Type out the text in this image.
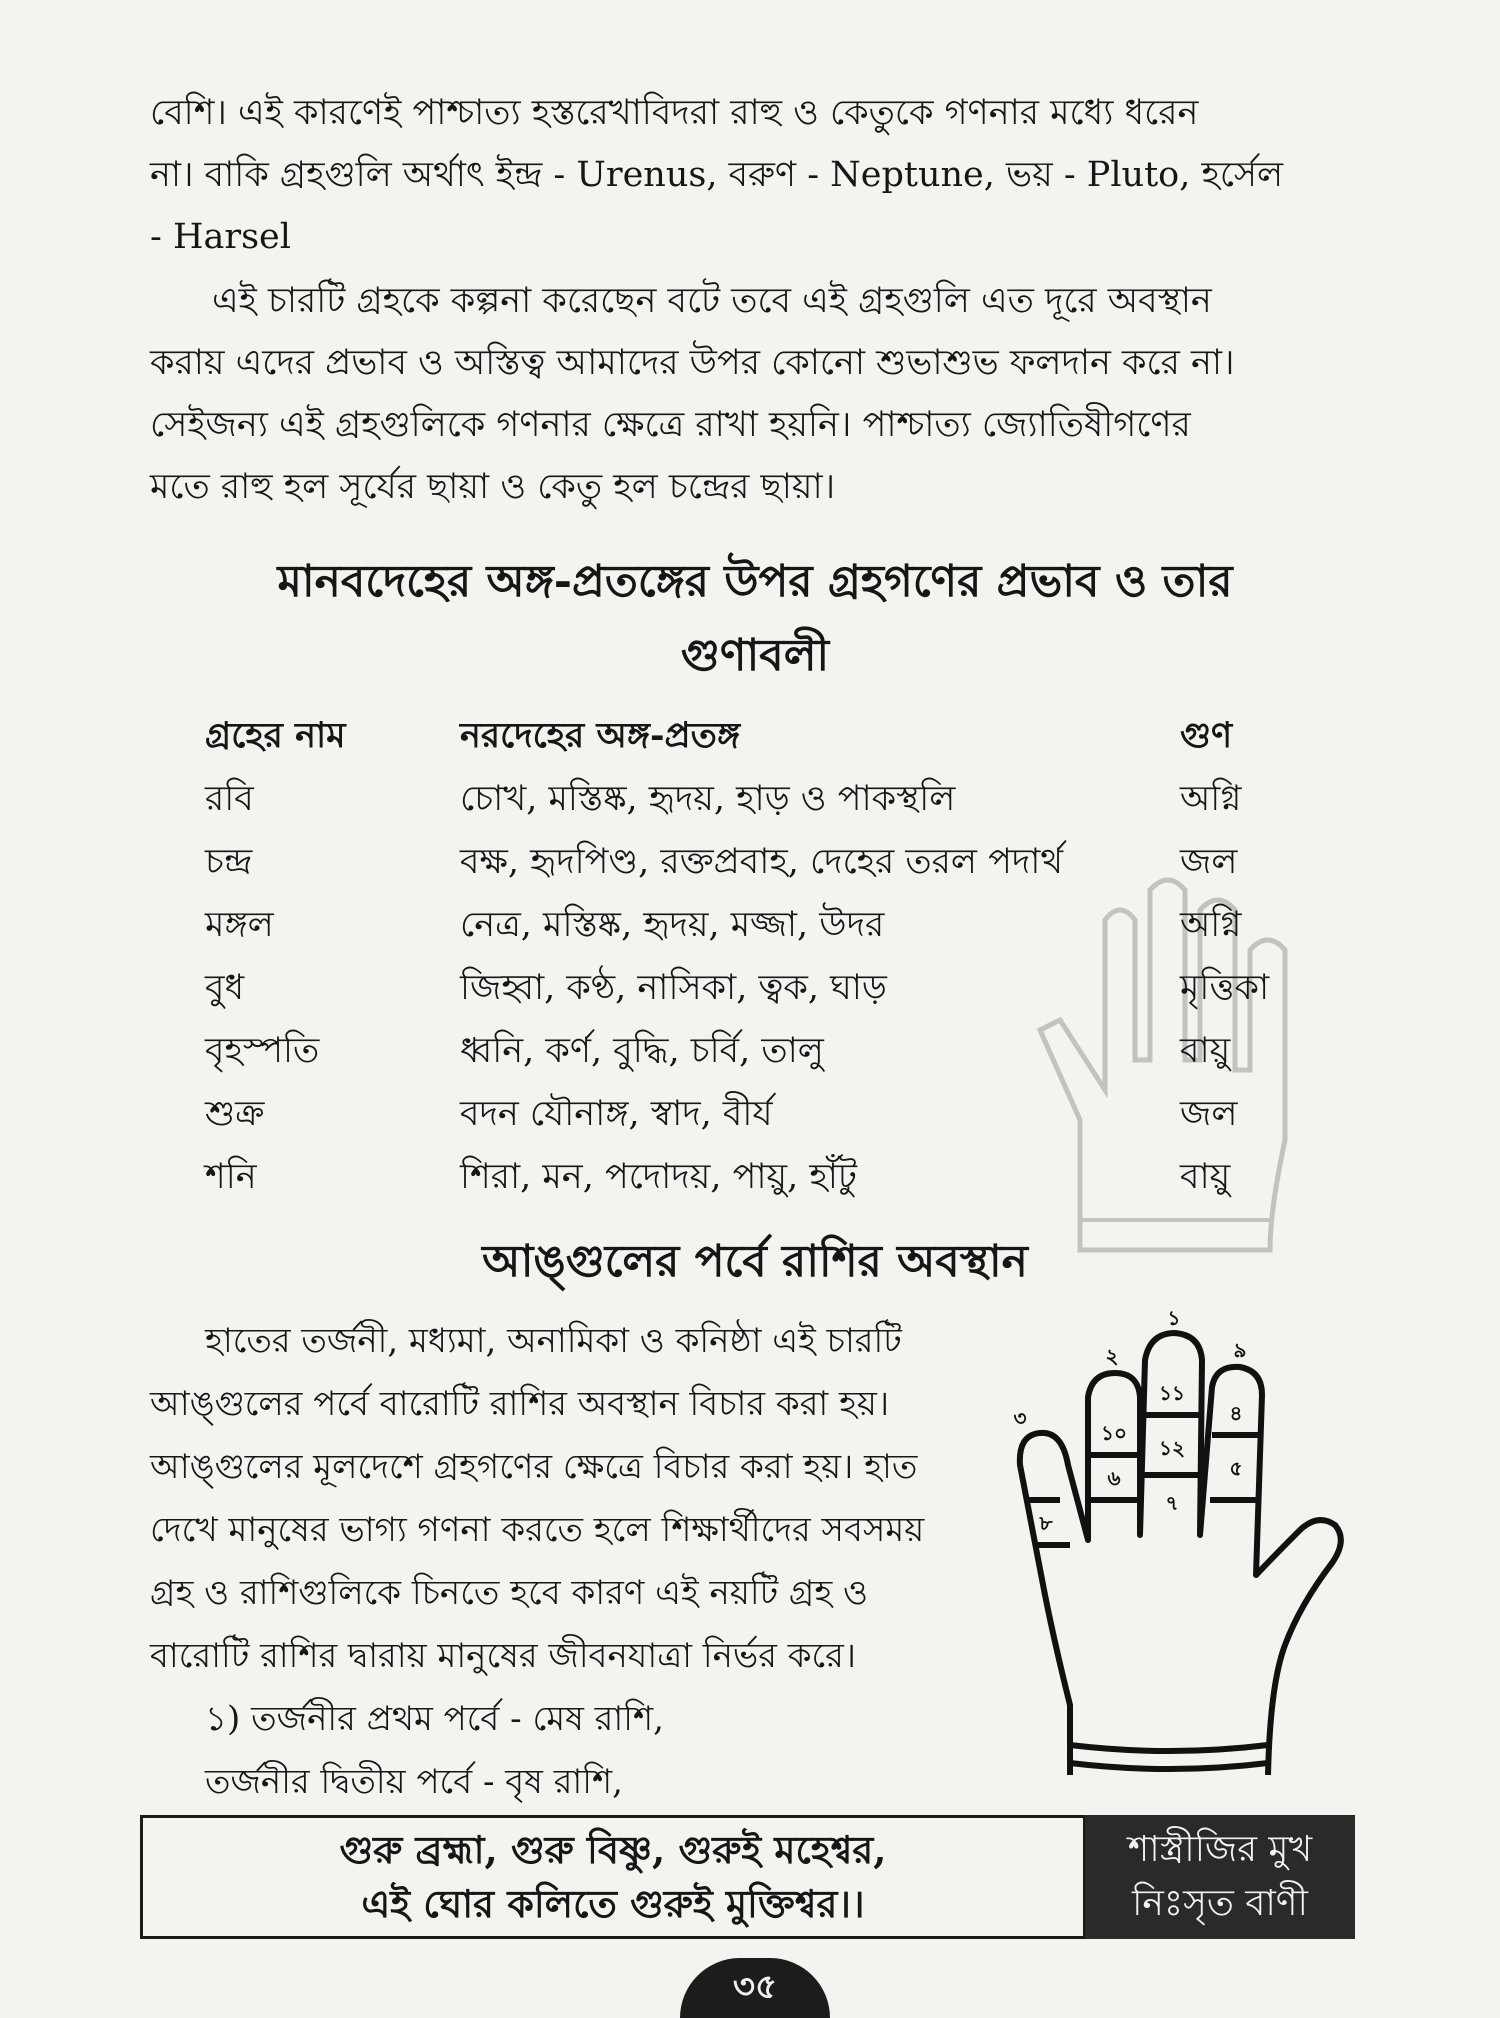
বেশি। এই কারণেই পাশ্চাত্য হস্তরেখাবিদরা রাহু ও কেতুকে গণনার মধ্যে ধরেন
না। বাকি গ্রহগুলি অর্থাৎ ইন্দ্র - Urenus, বরুণ - Neptune, ভয় - Pluto, হর্সেল
- Harsel

এই চারটি গ্রহকে কল্পনা করেছেন বটে তবে এই গ্রহগুলি এত দূরে অবস্থান
করায় এদের প্রভাব ও অস্তিত্ব আমাদের উপর কোনো শুভাশুভ ফলদান করে না।
সেইজন্য এই গ্রহগুলিকে গণনার ক্ষেত্রে রাখা হয়নি। পাশ্চাত্য জ্যোতিষীগণের
মতে রাহু হল সূর্যের ছায়া ও কেতু হল চন্দ্রের ছায়া।

মানবদেহের অঙ্গ-প্রতঙ্গের উপর গ্রহগণের প্রভাব ও তার
গুণাবলী
গ্রহের নাম	নরদেহের অঙ্গ-প্রতঙ্গ	গুণ
রবি	চোখ, মস্তিষ্ক, হৃদয়, হাড় ও পাকস্থলি	অগ্নি
চন্দ্র	বক্ষ, হৃদপিণ্ড, রক্তপ্রবাহ, দেহের তরল পদার্থ	জল
মঙ্গল	নেত্র, মস্তিষ্ক, হৃদয়, মজ্জা, উদর	অগ্নি
বুধ	জিহ্বা, কণ্ঠ, নাসিকা, ত্বক, ঘাড়	মৃত্তিকা
বৃহস্পতি	ধ্বনি, কর্ণ, বুদ্ধি, চর্বি, তালু	বায়ু
শুক্র	বদন যৌনাঙ্গ, স্বাদ, বীর্য	জল
শনি	শিরা, মন, পদোদয়, পায়ু, হাঁটু	বায়ু
আঙ্গুলের পর্বে রাশির অবস্থান

হাতের তর্জনী, মধ্যমা, অনামিকা ও কনিষ্ঠা এই চারটি
আঙ্গুলের পর্বে বারোটি রাশির অবস্থান বিচার করা হয়।
আঙ্গুলের মূলদেশে গ্রহগণের ক্ষেত্রে বিচার করা হয়। হাত
দেখে মানুষের ভাগ্য গণনা করতে হলে শিক্ষার্থীদের সবসময়
গ্রহ ও রাশিগুলিকে চিনতে হবে কারণ এই নয়টি গ্রহ ও
বারোটি রাশির দ্বারায় মানুষের জীবনযাত্রা নির্ভর করে।
১) তর্জনীর প্রথম পর্বে - মেষ রাশি,
তর্জনীর দ্বিতীয় পর্বে - বৃষ রাশি,

৩
২
১
৯
১০
১১
১২
৪
৫
৬
৭
৮
গুরু ব্রহ্মা, গুরু বিষ্ণু, গুরুই মহেশ্বর,
এই ঘোর কলিতে গুরুই মুক্তিশ্বর।।
শাস্ত্রীজির মুখ
নিঃসৃত বাণী
৩৫
